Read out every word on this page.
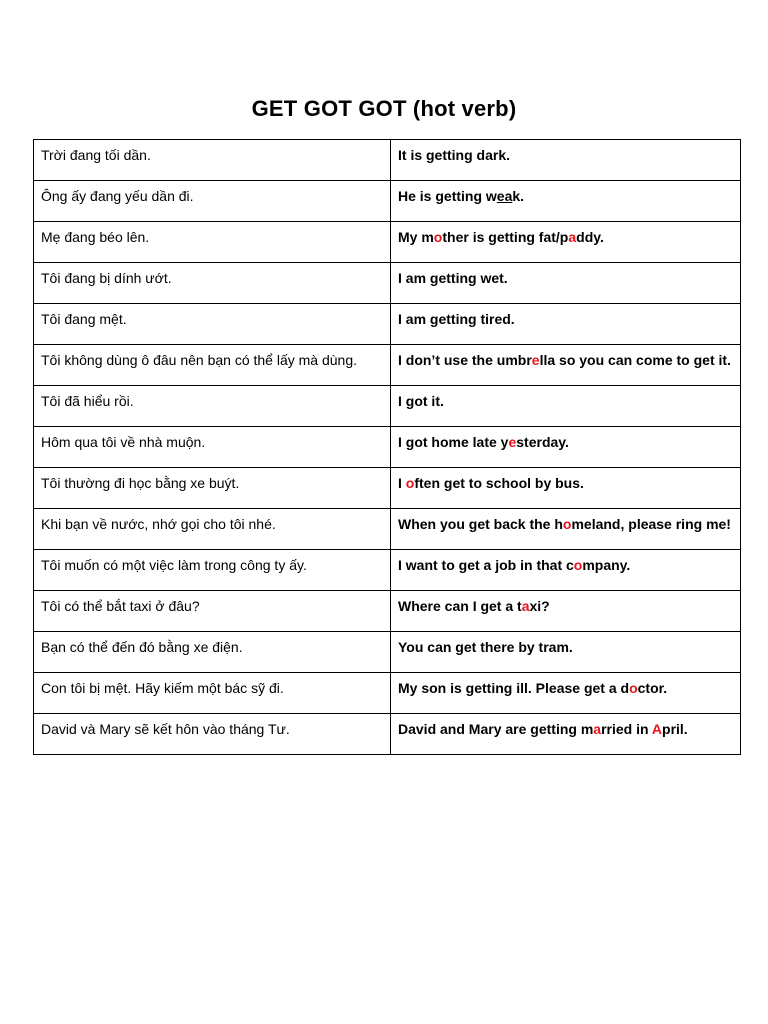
GET GOT GOT (hot verb)
Trời đang tối dần.	It is getting dark.
Ông ấy đang yếu dần đi.	He is getting weak.
Mẹ đang béo lên.	My mother is getting fat/paddy.
Tôi đang bị dính ướt.	I am getting wet.
Tôi đang mệt.	I am getting tired.
Tôi không dùng ô đâu nên bạn có thể lấy mà dùng.	I don’t use the umbrella so you can come to get it.
Tôi đã hiểu rồi.	I got it.
Hôm qua tôi về nhà muộn.	I got home late yesterday.
Tôi thường đi học bằng xe buýt.	I often get to school by bus.
Khi bạn về nước, nhớ gọi cho tôi nhé.	When you get back the homeland, please ring me!
Tôi muốn có một việc làm trong công ty ấy.	I want to get a job in that company.
Tôi có thể bắt taxi ở đâu?	Where can I get a taxi?
Bạn có thể đến đó bằng xe điện.	You can get there by tram.
Con tôi bị mệt. Hãy kiếm một bác sỹ đi.	My son is getting ill. Please get a doctor.
David và Mary sẽ kết hôn vào tháng Tư.	David and Mary are getting married in April.
